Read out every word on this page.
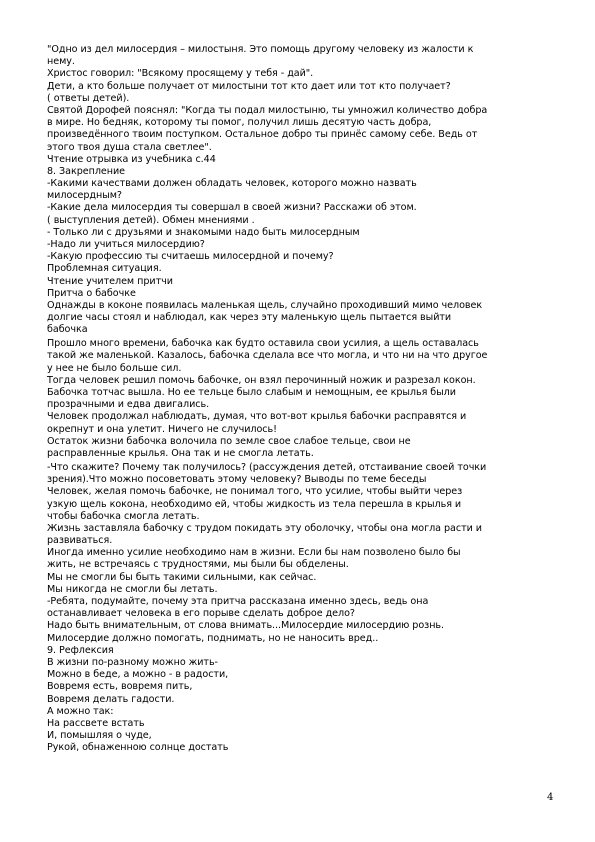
"Одно из дел милосердия – милостыня. Это помощь другому человеку из жалости к
нему.
Христос говорил: "Всякому просящему у тебя - дай".
Дети, а кто больше получает от милостыни тот кто дает или тот кто получает?
( ответы детей).
Святой Дорофей пояснял: "Когда ты подал милостыню, ты умножил количество добра
в мире. Но бедняк, которому ты помог, получил лишь десятую часть добра,
произведённого твоим поступком. Остальное добро ты принёс самому себе. Ведь от
этого твоя душа стала светлее".
Чтение отрывка из учебника с.44
8. Закрепление
-Какими качествами должен обладать человек, которого можно назвать
милосердным?
-Какие дела милосердия ты совершал в своей жизни? Расскажи об этом.
( выступления детей). Обмен мнениями .
- Только ли с друзьями и знакомыми надо быть милосердным
-Надо ли учиться милосердию?
-Какую профессию ты считаешь милосердной и почему?
Проблемная ситуация.
Чтение учителем притчи
Притча о бабочке
Однажды в коконе появилась маленькая щель, случайно проходивший мимо человек
долгие часы стоял и наблюдал, как через эту маленькую щель пытается выйти
бабочка
Прошло много времени, бабочка как будто оставила свои усилия, а щель оставалась
такой же маленькой. Казалось, бабочка сделала все что могла, и что ни на что другое
у нее не было больше сил.
Тогда человек решил помочь бабочке, он взял перочинный ножик и разрезал кокон.
Бабочка тотчас вышла. Но ее тельце было слабым и немощным, ее крылья были
прозрачными и едва двигались.
Человек продолжал наблюдать, думая, что вот-вот крылья бабочки расправятся и
окрепнут и она улетит. Ничего не случилось!
Остаток жизни бабочка волочила по земле свое слабое тельце, свои не
расправленные крылья. Она так и не смогла летать.
-Что скажите? Почему так получилось? (рассуждения детей, отстаивание своей точки
зрения).Что можно посоветовать этому человеку? Выводы по теме беседы
Человек, желая помочь бабочке, не понимал того, что усилие, чтобы выйти через
узкую щель кокона, необходимо ей, чтобы жидкость из тела перешла в крылья и
чтобы бабочка смогла летать.
Жизнь заставляла бабочку с трудом покидать эту оболочку, чтобы она могла расти и
развиваться.
Иногда именно усилие необходимо нам в жизни. Если бы нам позволено было бы
жить, не встречаясь с трудностями, мы были бы обделены.
Мы не смогли бы быть такими сильными, как сейчас.
Мы никогда не смогли бы летать.
-Ребята, подумайте, почему эта притча рассказана именно здесь, ведь она
останавливает человека в его порыве сделать доброе дело?
Надо быть внимательным, от слова внимать...Милосердие милосердию рознь.
Милосердие должно помогать, поднимать, но не наносить вред..
9. Рефлексия
В жизни по-разному можно жить-
Можно в беде, а можно - в радости,
Вовремя есть, вовремя пить,
Вовремя делать гадости.
А можно так:
На рассвете встать
И, помышляя о чуде,
Рукой, обнаженною солнце достать
4
